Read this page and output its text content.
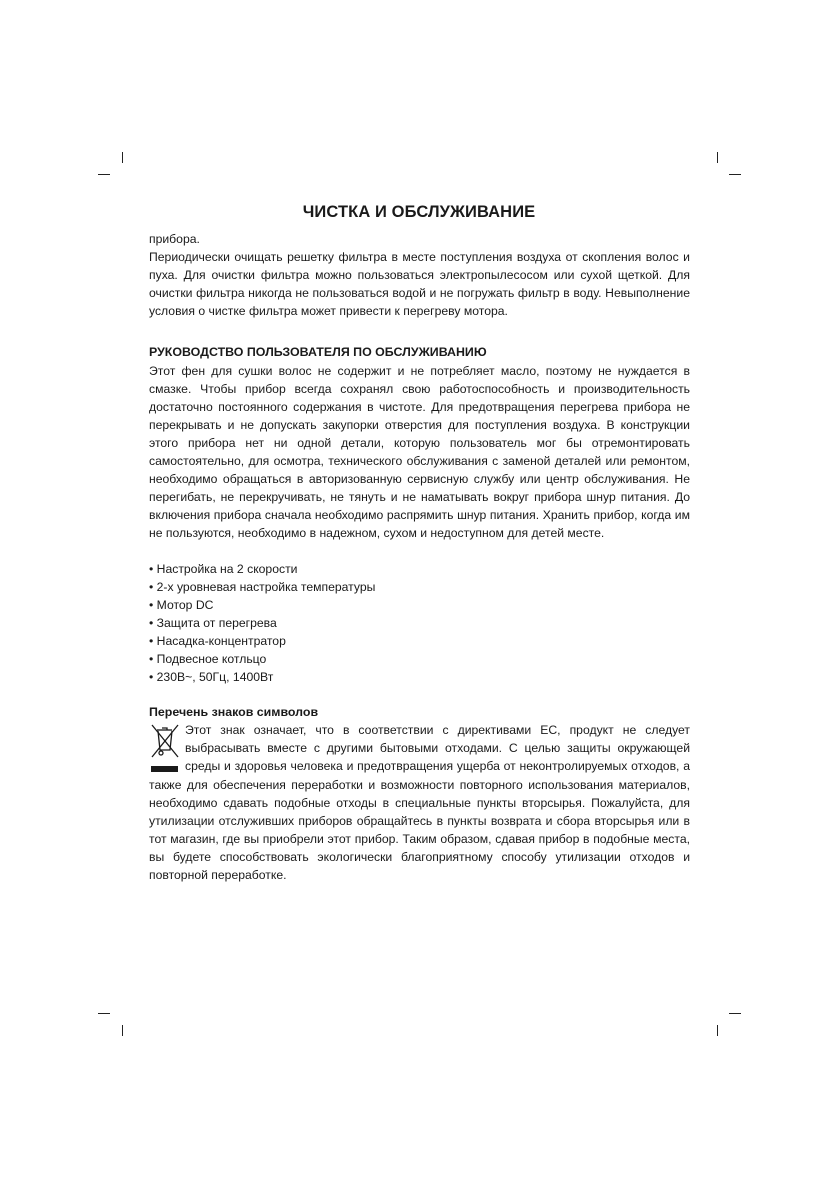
ЧИСТКА И ОБСЛУЖИВАНИЕ

прибора.

Периодически очищать решетку фильтра в месте поступления воздуха от скопления волос и пуха. Для очистки фильтра можно пользоваться электропылесосом или сухой щеткой. Для очистки фильтра никогда не пользоваться водой и не погружать фильтр в воду. Невыполнение условия о чистке фильтра может привести к перегреву мотора.

РУКОВОДСТВО ПОЛЬЗОВАТЕЛЯ ПО ОБСЛУЖИВАНИЮ

Этот фен для сушки волос не содержит и не потребляет масло, поэтому не нуждается в смазке. Чтобы прибор всегда сохранял свою работоспособность и производительность достаточно постоянного содержания в чистоте. Для предотвращения перегрева прибора не перекрывать и не допускать закупорки отверстия для поступления воздуха. В конструкции этого прибора нет ни одной детали, которую пользователь мог бы отремонтировать самостоятельно, для осмотра, технического обслуживания с заменой деталей или ремонтом, необходимо обращаться в авторизованную сервисную службу или центр обслуживания. Не перегибать, не перекручивать, не тянуть и не наматывать вокруг прибора шнур питания. До включения прибора сначала необходимо распрямить шнур питания. Хранить прибор, когда им не пользуются, необходимо в надежном, сухом и недоступном для детей месте.

• Настройка на 2 скорости
• 2-х уровневая настройка температуры
• Мотор DC
• Защита от перегрева
• Насадка-концентратор
• Подвесное котльцо
• 230В~, 50Гц, 1400Вт

Перечень знаков символов

Этот знак означает, что в соответствии с директивами ЕС, продукт не следует выбрасывать вместе с другими бытовыми отходами. С целью защиты окружающей среды и здоровья человека и предотвращения ущерба от неконтролируемых отходов, а также для обеспечения переработки и возможности повторного использования материалов, необходимо сдавать подобные отходы в специальные пункты вторсырья. Пожалуйста, для утилизации отслуживших приборов обращайтесь в пункты возврата и сбора вторсырья или в тот магазин, где вы приобрели этот прибор. Таким образом, сдавая прибор в подобные места, вы будете способствовать экологически благоприятному способу утилизации отходов и повторной переработке.
